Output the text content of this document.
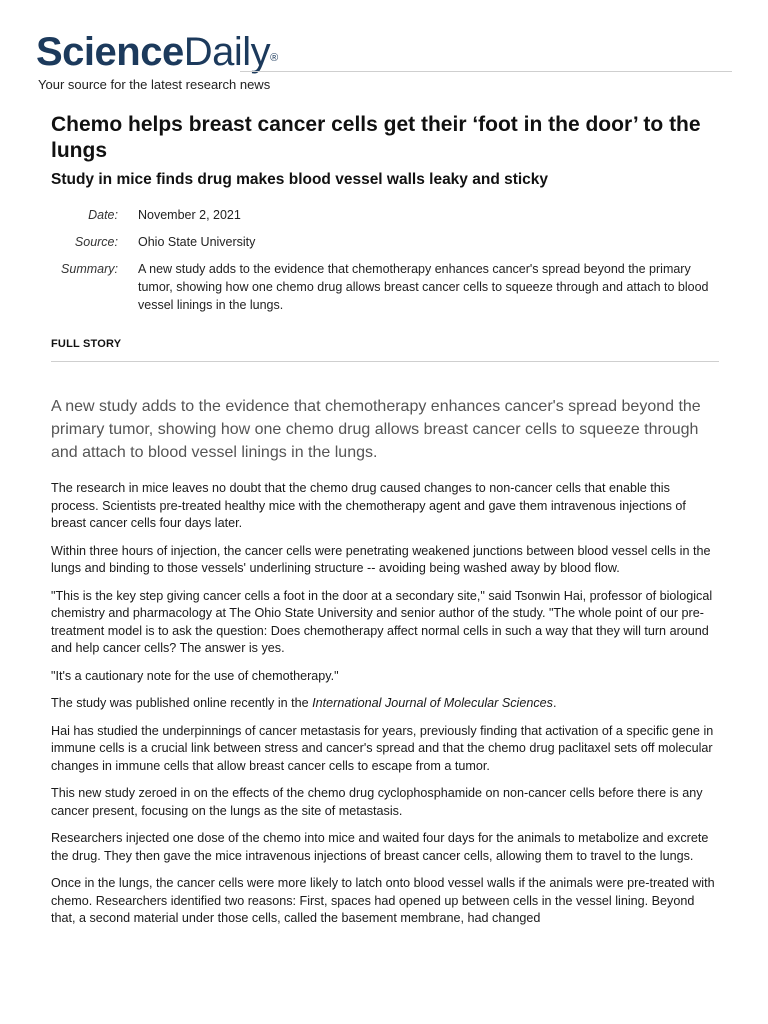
ScienceDaily®
Your source for the latest research news
Chemo helps breast cancer cells get their ‘foot in the door’ to the lungs
Study in mice finds drug makes blood vessel walls leaky and sticky
Date: November 2, 2021
Source: Ohio State University
Summary: A new study adds to the evidence that chemotherapy enhances cancer's spread beyond the primary tumor, showing how one chemo drug allows breast cancer cells to squeeze through and attach to blood vessel linings in the lungs.
FULL STORY

A new study adds to the evidence that chemotherapy enhances cancer's spread beyond the primary tumor, showing how one chemo drug allows breast cancer cells to squeeze through and attach to blood vessel linings in the lungs.

The research in mice leaves no doubt that the chemo drug caused changes to non-cancer cells that enable this process. Scientists pre-treated healthy mice with the chemotherapy agent and gave them intravenous injections of breast cancer cells four days later.

Within three hours of injection, the cancer cells were penetrating weakened junctions between blood vessel cells in the lungs and binding to those vessels' underlining structure -- avoiding being washed away by blood flow.

"This is the key step giving cancer cells a foot in the door at a secondary site," said Tsonwin Hai, professor of biological chemistry and pharmacology at The Ohio State University and senior author of the study. "The whole point of our pre-treatment model is to ask the question: Does chemotherapy affect normal cells in such a way that they will turn around and help cancer cells? The answer is yes.

"It's a cautionary note for the use of chemotherapy."

The study was published online recently in the International Journal of Molecular Sciences.

Hai has studied the underpinnings of cancer metastasis for years, previously finding that activation of a specific gene in immune cells is a crucial link between stress and cancer's spread and that the chemo drug paclitaxel sets off molecular changes in immune cells that allow breast cancer cells to escape from a tumor.

This new study zeroed in on the effects of the chemo drug cyclophosphamide on non-cancer cells before there is any cancer present, focusing on the lungs as the site of metastasis.

Researchers injected one dose of the chemo into mice and waited four days for the animals to metabolize and excrete the drug. They then gave the mice intravenous injections of breast cancer cells, allowing them to travel to the lungs.

Once in the lungs, the cancer cells were more likely to latch onto blood vessel walls if the animals were pre-treated with chemo. Researchers identified two reasons: First, spaces had opened up between cells in the vessel lining. Beyond that, a second material under those cells, called the basement membrane, had changed
